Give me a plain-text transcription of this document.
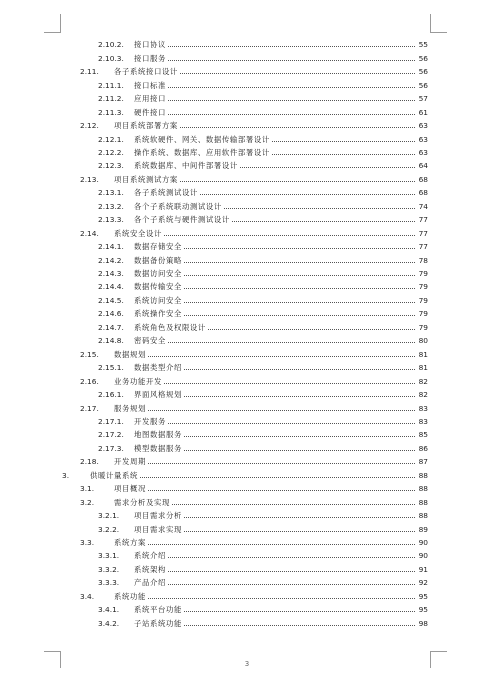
2.10.2.	接口协议	55
2.10.3.	接口服务	56
2.11.	各子系统接口设计	56
2.11.1.	接口标准	56
2.11.2.	应用接口	57
2.11.3.	硬件接口	61
2.12.	项目系统部署方案	63
2.12.1.	系统软硬件、网关、数据传输部署设计	63
2.12.2.	操作系统、数据库、应用软件部署设计	63
2.12.3.	系统数据库、中间件部署设计	64
2.13.	项目系统测试方案	68
2.13.1.	各子系统测试设计	68
2.13.2.	各个子系统联动测试设计	74
2.13.3.	各个子系统与硬件测试设计	77
2.14.	系统安全设计	77
2.14.1.	数据存储安全	77
2.14.2.	数据备份策略	78
2.14.3.	数据访问安全	79
2.14.4.	数据传输安全	79
2.14.5.	系统访问安全	79
2.14.6.	系统操作安全	79
2.14.7.	系统角色及权限设计	79
2.14.8.	密码安全	80
2.15.	数据规划	81
2.15.1.	数据类型介绍	81
2.16.	业务功能开发	82
2.16.1.	界面风格规划	82
2.17.	服务规划	83
2.17.1.	开发服务	83
2.17.2.	地图数据服务	85
2.17.3.	模型数据服务	86
2.18.	开发周期	87
3.	供暖计量系统	88
3.1.	项目概况	88
3.2.	需求分析及实现	88
3.2.1.	项目需求分析	88
3.2.2.	项目需求实现	89
3.3.	系统方案	90
3.3.1.	系统介绍	90
3.3.2.	系统架构	91
3.3.3.	产品介绍	92
3.4.	系统功能	95
3.4.1.	系统平台功能	95
3.4.2.	子站系统功能	98
3
